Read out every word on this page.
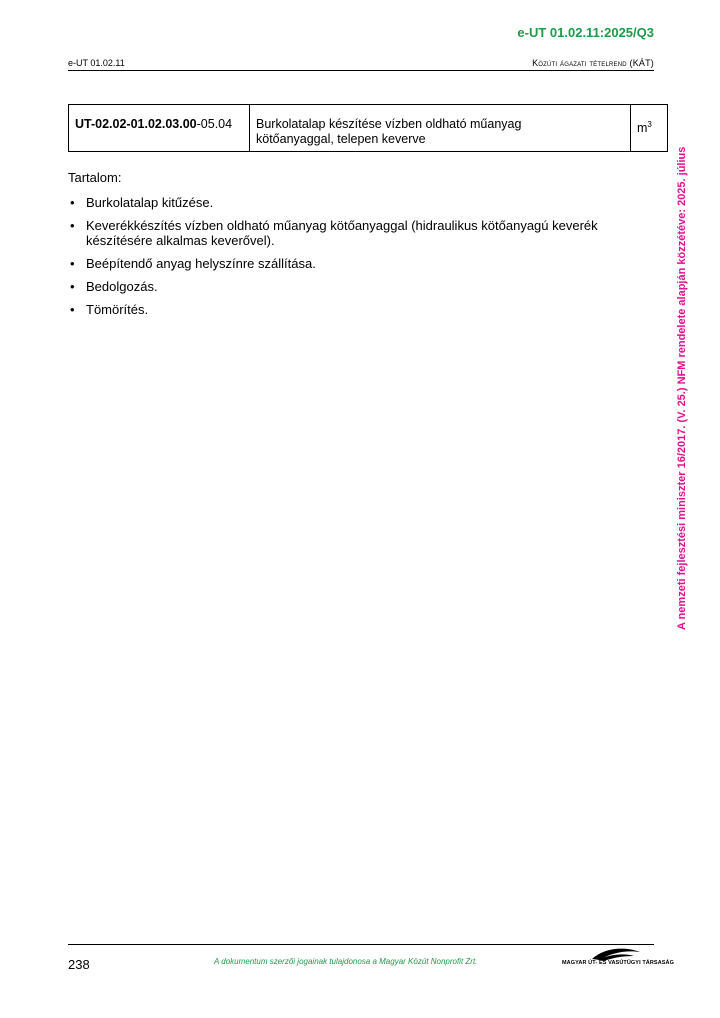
e-UT 01.02.11:2025/Q3
e-UT 01.02.11	Közúti ágazati tételrend (KÁT)
UT-02.02-01.02.03.00-05.04	Burkolatalap készítése vízben oldható műanyag
kötőanyaggal, telepen keverve	$m^3$

Tartalom:

• Burkolatalap kitűzése.
• Keverékkészítés vízben oldható műanyag kötőanyaggal (hidraulikus kötőanyagú keverék készítésére alkalmas keverővel).
• Beépítendő anyag helyszínre szállítása.
• Bedolgozás.
• Tömörítés.	A nemzeti fejlesztési miniszter 16/2017. (V. 25.) NFM rendelete alapján közzétéve: 2025. július
238	A dokumentum szerzői jogainak tulajdonosa a Magyar Közút Nonprofit Zrt.	MAGYAR ÚT- ÉS VASÚTÜGYI TÁRSASÁG
